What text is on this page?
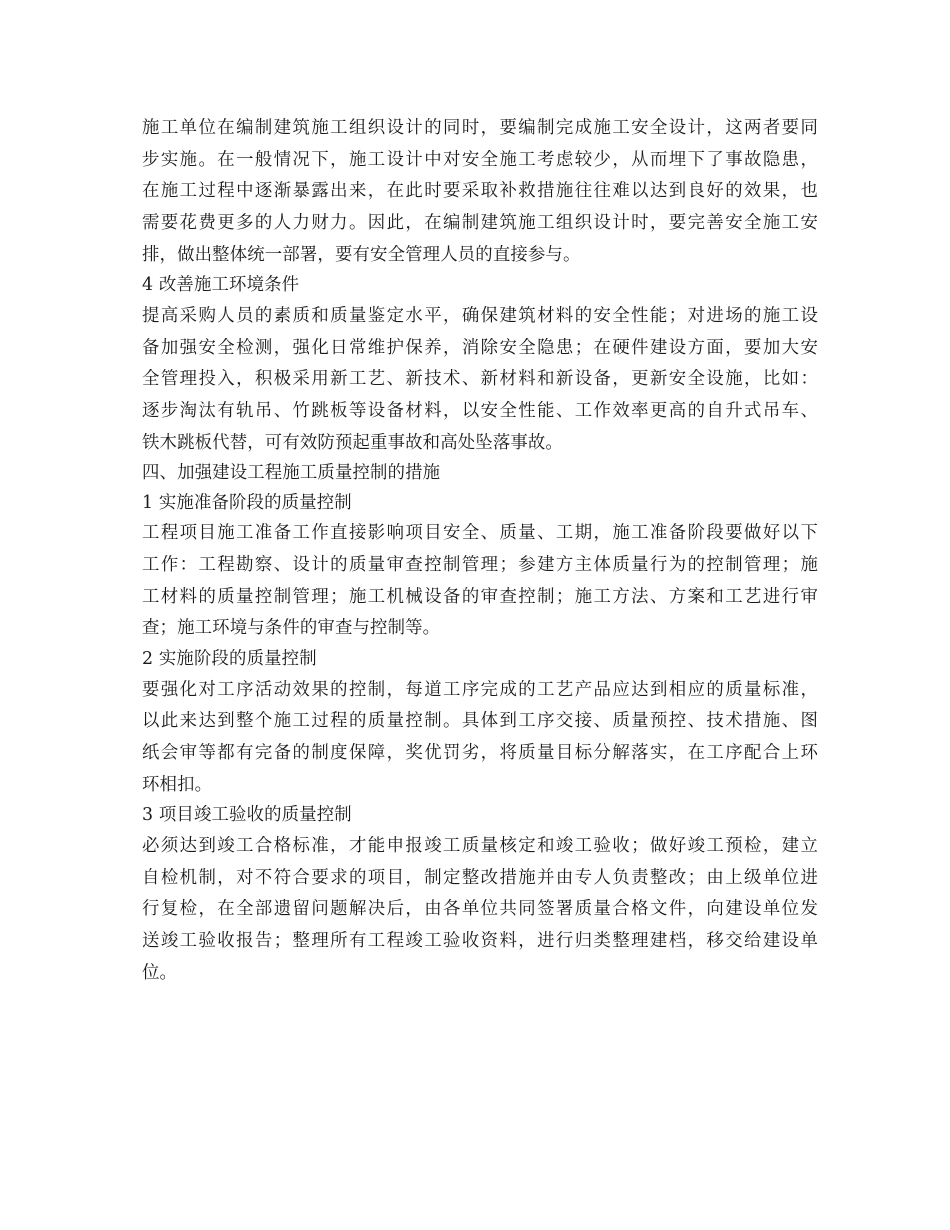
施工单位在编制建筑施工组织设计的同时，要编制完成施工安全设计，这两者要同
步实施。在一般情况下，施工设计中对安全施工考虑较少，从而埋下了事故隐患，
在施工过程中逐渐暴露出来，在此时要采取补救措施往往难以达到良好的效果，也
需要花费更多的人力财力。因此，在编制建筑施工组织设计时，要完善安全施工安
排，做出整体统一部署，要有安全管理人员的直接参与。
4 改善施工环境条件
提高采购人员的素质和质量鉴定水平，确保建筑材料的安全性能；对进场的施工设
备加强安全检测，强化日常维护保养，消除安全隐患；在硬件建设方面，要加大安
全管理投入，积极采用新工艺、新技术、新材料和新设备，更新安全设施，比如：
逐步淘汰有轨吊、竹跳板等设备材料，以安全性能、工作效率更高的自升式吊车、
铁木跳板代替，可有效防预起重事故和高处坠落事故。
四、加强建设工程施工质量控制的措施
1 实施准备阶段的质量控制
工程项目施工准备工作直接影响项目安全、质量、工期，施工准备阶段要做好以下
工作：工程勘察、设计的质量审查控制管理；参建方主体质量行为的控制管理；施
工材料的质量控制管理；施工机械设备的审查控制；施工方法、方案和工艺进行审
查；施工环境与条件的审查与控制等。
2 实施阶段的质量控制
要强化对工序活动效果的控制，每道工序完成的工艺产品应达到相应的质量标准，
以此来达到整个施工过程的质量控制。具体到工序交接、质量预控、技术措施、图
纸会审等都有完备的制度保障，奖优罚劣，将质量目标分解落实，在工序配合上环
环相扣。
3 项目竣工验收的质量控制
必须达到竣工合格标准，才能申报竣工质量核定和竣工验收；做好竣工预检，建立
自检机制，对不符合要求的项目，制定整改措施并由专人负责整改；由上级单位进
行复检，在全部遗留问题解决后，由各单位共同签署质量合格文件，向建设单位发
送竣工验收报告；整理所有工程竣工验收资料，进行归类整理建档，移交给建设单
位。
